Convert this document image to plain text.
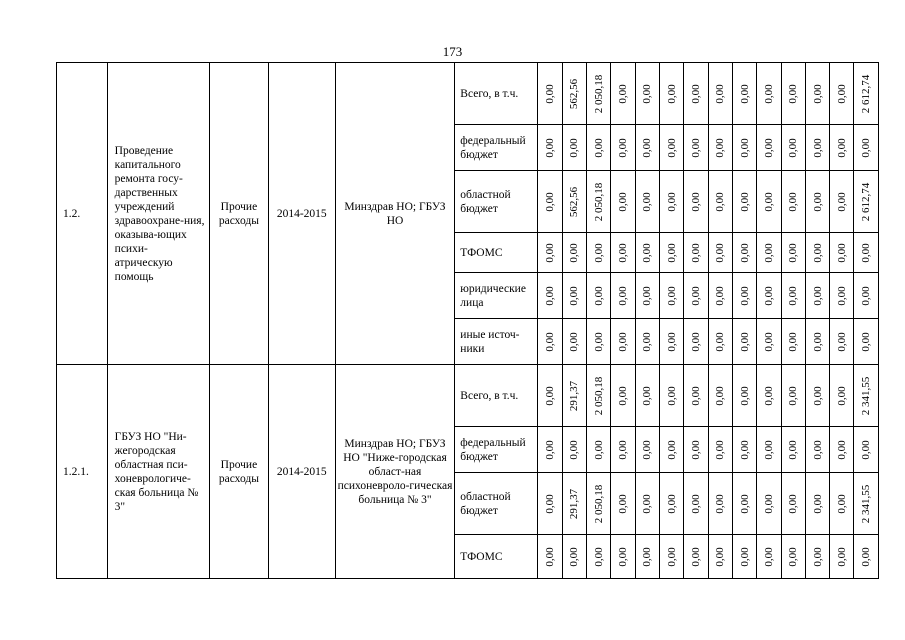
173
1.2.	Проведение капитального ремонта госу-дарственных учреждений здравоохране-ния, оказыва-ющих психи-атрическую помощь	Прочие расходы	2014-2015	Минздрав НО; ГБУЗ НО	Всего, в т.ч.	0,00	562,56	2 050,18	0,00	0,00	0,00	0,00	0,00	0,00	0,00	0,00	0,00	0,00	2 612,74

					федеральный бюджет	0,00	0,00	0,00	0,00	0,00	0,00	0,00	0,00	0,00	0,00	0,00	0,00	0,00	0,00

					областной бюджет	0,00	562,56	2 050,18	0,00	0,00	0,00	0,00	0,00	0,00	0,00	0,00	0,00	0,00	2 612,74

					ТФОМС	0,00	0,00	0,00	0,00	0,00	0,00	0,00	0,00	0,00	0,00	0,00	0,00	0,00	0,00

					юридические лица	0,00	0,00	0,00	0,00	0,00	0,00	0,00	0,00	0,00	0,00	0,00	0,00	0,00	0,00

					иные источ-ники	0,00	0,00	0,00	0,00	0,00	0,00	0,00	0,00	0,00	0,00	0,00	0,00	0,00	0,00

1.2.1.	ГБУЗ НО "Ни-жегородская областная пси-хоневрологиче-ская больница № 3"	Прочие расходы	2014-2015	Минздрав НО; ГБУЗ НО "Ниже-городская област-ная психоневроло-гическая больница № 3"	Всего, в т.ч.	0,00	291,37	2 050,18	0,00	0,00	0,00	0,00	0,00	0,00	0,00	0,00	0,00	0,00	2 341,55

					федеральный бюджет	0,00	0,00	0,00	0,00	0,00	0,00	0,00	0,00	0,00	0,00	0,00	0,00	0,00	0,00

					областной бюджет	0,00	291,37	2 050,18	0,00	0,00	0,00	0,00	0,00	0,00	0,00	0,00	0,00	0,00	2 341,55

					ТФОМС	0,00	0,00	0,00	0,00	0,00	0,00	0,00	0,00	0,00	0,00	0,00	0,00	0,00	0,00
